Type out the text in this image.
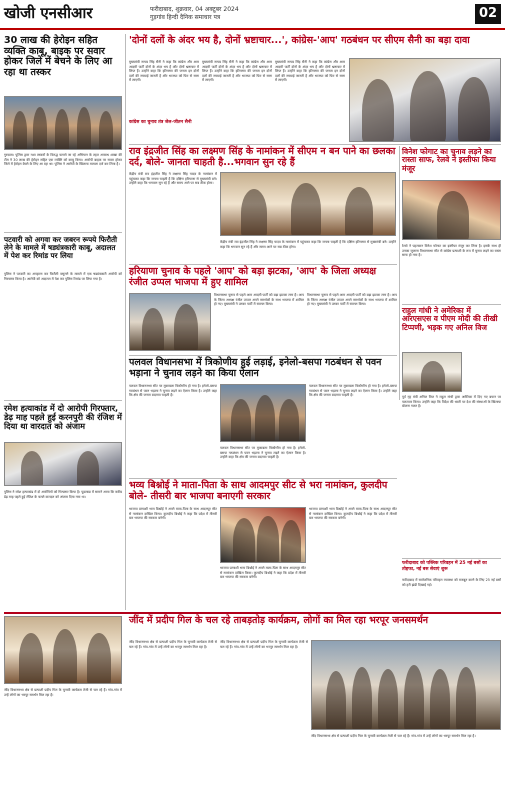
खोजी एनसीआर	फरीदाबाद, शुक्रवार, 04 अक्टूबर 2024
गुड़गांव हिन्दी दैनिक समाचार पत्र	02
30 लाख की हेरोइन सहित व्यक्ति काबू, बाइक पर सवार होकर जिले में बेचने के लिए आ रहा था तस्कर
गुरुग्राम। पुलिस द्वारा नशा तस्करों के विरुद्ध चलाये जा रहे अभियान के तहत अपराध शाखा की टीम ने 30 लाख की हेरोइन सहित एक व्यक्ति को काबू किया। आरोपी बाइक पर सवार होकर जिले में हेरोइन बेचने के लिए आ रहा था। पुलिस ने आरोपी के खिलाफ मामला दर्ज कर लिया है।
'दोनों दलों के अंदर भय है, दोनों भ्रष्टाचार...', कांग्रेस-'आप' गठबंधन पर सीएम सैनी का बड़ा दावा
मुख्यमंत्री नायब सिंह सैनी ने कहा कि कांग्रेस और आम आदमी पार्टी दोनों के अंदर भय है और दोनों भ्रष्टाचार में लिप्त हैं। उन्होंने कहा कि हरियाणा की जनता इन दोनों दलों की सच्चाई जानती है और भाजपा को फिर से सत्ता में लाएगी।
कांग्रेस का चुनाव तंत्र जेल-जीतन सैनी
मुख्यमंत्री नायब सिंह सैनी ने कहा कि कांग्रेस और आम आदमी पार्टी दोनों के अंदर भय है और दोनों भ्रष्टाचार में लिप्त हैं। उन्होंने कहा कि हरियाणा की जनता इन दोनों दलों की सच्चाई जानती है और भाजपा को फिर से सत्ता में लाएगी।
मुख्यमंत्री नायब सिंह सैनी ने कहा कि कांग्रेस और आम आदमी पार्टी दोनों के अंदर भय है और दोनों भ्रष्टाचार में लिप्त हैं। उन्होंने कहा कि हरियाणा की जनता इन दोनों दलों की सच्चाई जानती है और भाजपा को फिर से सत्ता में लाएगी।
राव इंद्रजीत सिंह का लक्ष्मण सिंह के नामांकन में सीएम न बन पाने का छलका दर्द, बोले- जानता चाहती है...भगवान सुन रहे हैं
केंद्रीय मंत्री राव इंद्रजीत सिंह ने लक्ष्मण सिंह यादव के नामांकन में पहुंचकर कहा कि जनता चाहती है कि दक्षिण हरियाणा से मुख्यमंत्री बने। उन्होंने कहा कि भगवान सुन रहे हैं और समय आने पर सब ठीक होगा।
केंद्रीय मंत्री राव इंद्रजीत सिंह ने लक्ष्मण सिंह यादव के नामांकन में पहुंचकर कहा कि जनता चाहती है कि दक्षिण हरियाणा से मुख्यमंत्री बने। उन्होंने कहा कि भगवान सुन रहे हैं और समय आने पर सब ठीक होगा।
विनेश फोगाट का चुनाव लड़ने का रास्ता साफ, रेलवे ने इस्तीफा किया मंजूर
रेलवे ने पहलवान विनेश फोगाट का इस्तीफा मंजूर कर लिया है। इसके साथ ही उनका जुलाना विधानसभा सीट से कांग्रेस प्रत्याशी के रूप में चुनाव लड़ने का रास्ता साफ हो गया है।
पटवारी को अगवा कर जबरन रूपये फिरौती लेने के मामले में षड्यंत्रकारी काबू, अदालत में पेश कर रिमांड पर लिया
पुलिस ने पटवारी का अपहरण कर फिरौती वसूलने के मामले में एक षड्यंत्रकारी आरोपी को गिरफ्तार किया है। आरोपी को अदालत में पेश कर पुलिस रिमांड पर लिया गया है।
हरियाणा चुनाव के पहले 'आप' को बड़ा झटका, 'आप' के जिला अध्यक्ष रंजीत उप्पल भाजपा में हुए शामिल
विधानसभा चुनाव से पहले आम आदमी पार्टी को बड़ा झटका लगा है। आप के जिला अध्यक्ष रंजीत उप्पल अपने समर्थकों के साथ भाजपा में शामिल हो गए। मुख्यमंत्री ने उनका पार्टी में स्वागत किया।
विधानसभा चुनाव से पहले आम आदमी पार्टी को बड़ा झटका लगा है। आप के जिला अध्यक्ष रंजीत उप्पल अपने समर्थकों के साथ भाजपा में शामिल हो गए। मुख्यमंत्री ने उनका पार्टी में स्वागत किया।
राहुल गांधी ने अमेरिका में आरएसएस व पीएम मोदी की तीखी टिप्पणी, भड़क गए अनिल विज
पूर्व गृह मंत्री अनिल विज ने राहुल गांधी द्वारा अमेरिका में दिए गए बयान पर पलटवार किया। उन्होंने कहा कि विदेश की धरती पर देश की संस्थाओं के खिलाफ बोलना गलत है।
पलवल विधानसभा में त्रिकोणीय हुई लड़ाई, इनेलो-बसपा गठबंधन से पवन भड़ाना ने चुनाव लड़ने का किया ऐलान
पलवल विधानसभा सीट पर मुकाबला त्रिकोणीय हो गया है। इनेलो-बसपा गठबंधन से पवन भड़ाना ने चुनाव लड़ने का ऐलान किया है। उन्होंने कहा कि क्षेत्र की जनता बदलाव चाहती है।
पलवल विधानसभा सीट पर मुकाबला त्रिकोणीय हो गया है। इनेलो-बसपा गठबंधन से पवन भड़ाना ने चुनाव लड़ने का ऐलान किया है। उन्होंने कहा कि क्षेत्र की जनता बदलाव चाहती है।
पलवल विधानसभा सीट पर मुकाबला त्रिकोणीय हो गया है। इनेलो-बसपा गठबंधन से पवन भड़ाना ने चुनाव लड़ने का ऐलान किया है। उन्होंने कहा कि क्षेत्र की जनता बदलाव चाहती है।
रमेश हत्याकांड में दो आरोपी गिरफ्तार, डेढ़ माह पहले हुई करनपुरी की रंजिश में दिया था वारदात को अंजाम
पुलिस ने रमेश हत्याकांड में दो आरोपियों को गिरफ्तार किया है। पूछताछ में सामने आया कि करीब डेढ़ माह पहले हुई रंजिश के चलते वारदात को अंजाम दिया गया था।
भव्य बिश्नोई ने माता-पिता के साथ आदमपुर सीट से भरा नामांकन, कुलदीप बोले- तीसरी बार भाजपा बनाएगी सरकार
भाजपा प्रत्याशी भव्य बिश्नोई ने अपने माता-पिता के साथ आदमपुर सीट से नामांकन दाखिल किया। कुलदीप बिश्नोई ने कहा कि प्रदेश में तीसरी बार भाजपा की सरकार बनेगी।
भाजपा प्रत्याशी भव्य बिश्नोई ने अपने माता-पिता के साथ आदमपुर सीट से नामांकन दाखिल किया। कुलदीप बिश्नोई ने कहा कि प्रदेश में तीसरी बार भाजपा की सरकार बनेगी।
भाजपा प्रत्याशी भव्य बिश्नोई ने अपने माता-पिता के साथ आदमपुर सीट से नामांकन दाखिल किया। कुलदीप बिश्नोई ने कहा कि प्रदेश में तीसरी बार भाजपा की सरकार बनेगी।
फरीदाबाद को पब्लिक परिवहन में 25 नई बसों का तोहफा, नई बस सेवाएं शुरू
फरीदाबाद में सार्वजनिक परिवहन व्यवस्था को मजबूत करने के लिए 25 नई बसों को हरी झंडी दिखाई गई।
जींद में प्रदीप गिल के चल रहे ताबड़तोड़ कार्यक्रम, लोगों का मिल रहा भरपूर जनसमर्थन
जींद विधानसभा क्षेत्र से प्रत्याशी प्रदीप गिल के चुनावी कार्यक्रम तेजी से चल रहे हैं। गांव-गांव में उन्हें लोगों का भरपूर समर्थन मिल रहा है।
जींद विधानसभा क्षेत्र से प्रत्याशी प्रदीप गिल के चुनावी कार्यक्रम तेजी से चल रहे हैं। गांव-गांव में उन्हें लोगों का भरपूर समर्थन मिल रहा है।
जींद विधानसभा क्षेत्र से प्रत्याशी प्रदीप गिल के चुनावी कार्यक्रम तेजी से चल रहे हैं। गांव-गांव में उन्हें लोगों का भरपूर समर्थन मिल रहा है।
जींद विधानसभा क्षेत्र से प्रत्याशी प्रदीप गिल के चुनावी कार्यक्रम तेजी से चल रहे हैं। गांव-गांव में उन्हें लोगों का भरपूर समर्थन मिल रहा है।
